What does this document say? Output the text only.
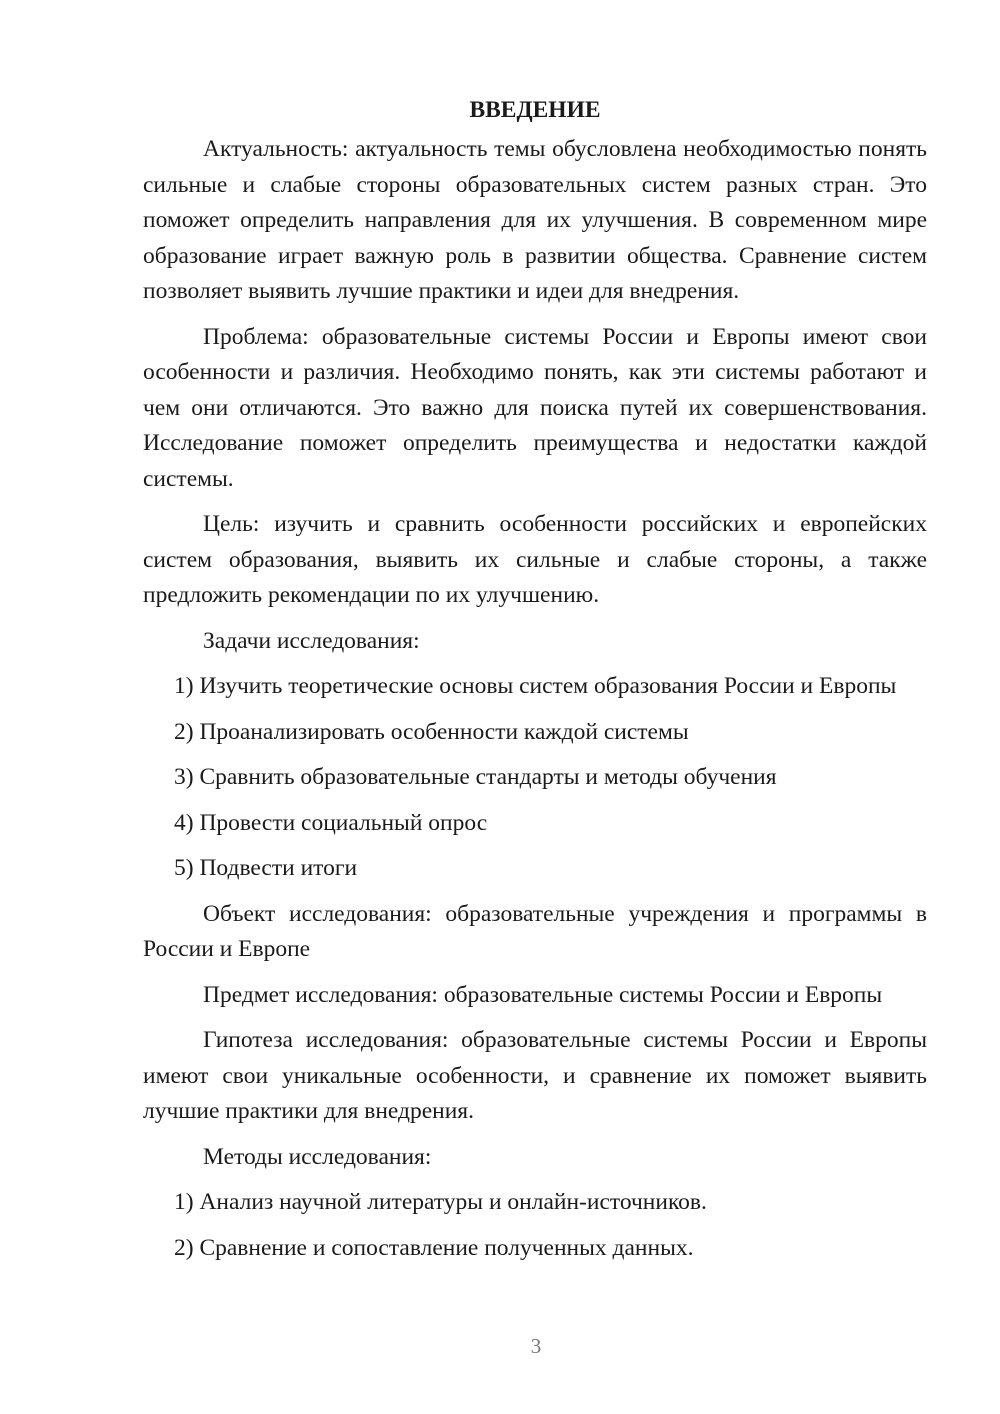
ВВЕДЕНИЕ

Актуальность: актуальность темы обусловлена необходимостью понять сильные и слабые стороны образовательных систем разных стран. Это поможет определить направления для их улучшения. В современном мире образование играет важную роль в развитии общества. Сравнение систем позволяет выявить лучшие практики и идеи для внедрения.

Проблема: образовательные системы России и Европы имеют свои особенности и различия. Необходимо понять, как эти системы работают и чем они отличаются. Это важно для поиска путей их совершенствования. Исследование поможет определить преимущества и недостатки каждой системы.

Цель: изучить и сравнить особенности российских и европейских систем образования, выявить их сильные и слабые стороны, а также предложить рекомендации по их улучшению.

Задачи исследования:

1) Изучить теоретические основы систем образования России и Европы

2) Проанализировать особенности каждой системы

3) Сравнить образовательные стандарты и методы обучения

4) Провести социальный опрос

5) Подвести итоги

Объект исследования: образовательные учреждения и программы в России и Европе

Предмет исследования: образовательные системы России и Европы

Гипотеза исследования: образовательные системы России и Европы имеют свои уникальные особенности, и сравнение их поможет выявить лучшие практики для внедрения.

Методы исследования:

1) Анализ научной литературы и онлайн-источников.

2) Сравнение и сопоставление полученных данных.

3
